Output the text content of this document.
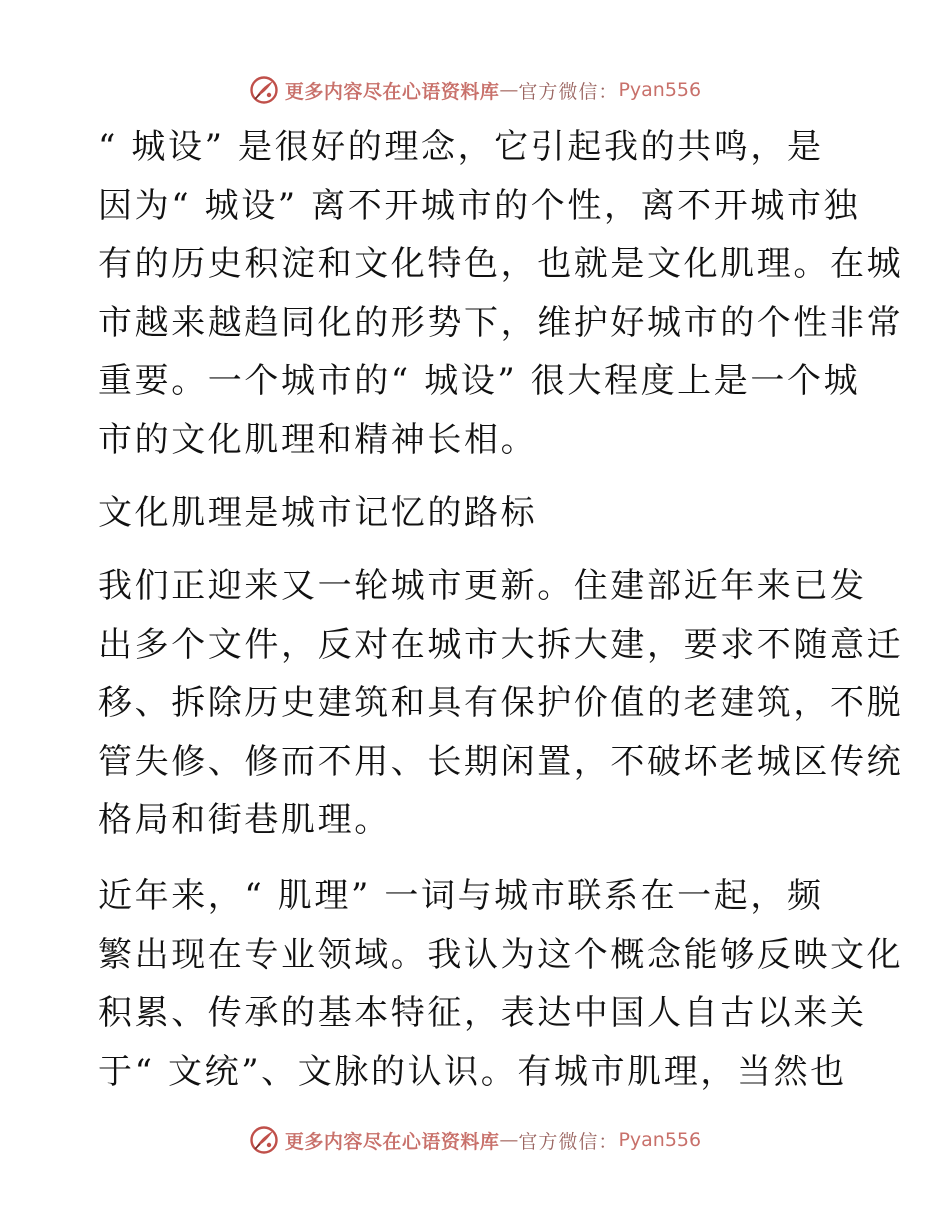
更多内容尽在心语资料库 — 官方微信： Pyan556
“ 城设” 是很好的理念，它引起我的共鸣，是
因为“ 城设” 离不开城市的个性，离不开城市独
有的历史积淀和文化特色，也就是文化肌理。在城
市越来越趋同化的形势下，维护好城市的个性非常
重要。一个城市的“ 城设” 很大程度上是一个城
市的文化肌理和精神长相。
文化肌理是城市记忆的路标
我们正迎来又一轮城市更新。住建部近年来已发
出多个文件，反对在城市大拆大建，要求不随意迁
移、拆除历史建筑和具有保护价值的老建筑，不脱
管失修、修而不用、长期闲置，不破坏老城区传统
格局和街巷肌理。
近年来，“ 肌理” 一词与城市联系在一起，频
繁出现在专业领域。我认为这个概念能够反映文化
积累、传承的基本特征，表达中国人自古以来关
于“ 文统”、文脉的认识。有城市肌理，当然也
更多内容尽在心语资料库 — 官方微信： Pyan556
